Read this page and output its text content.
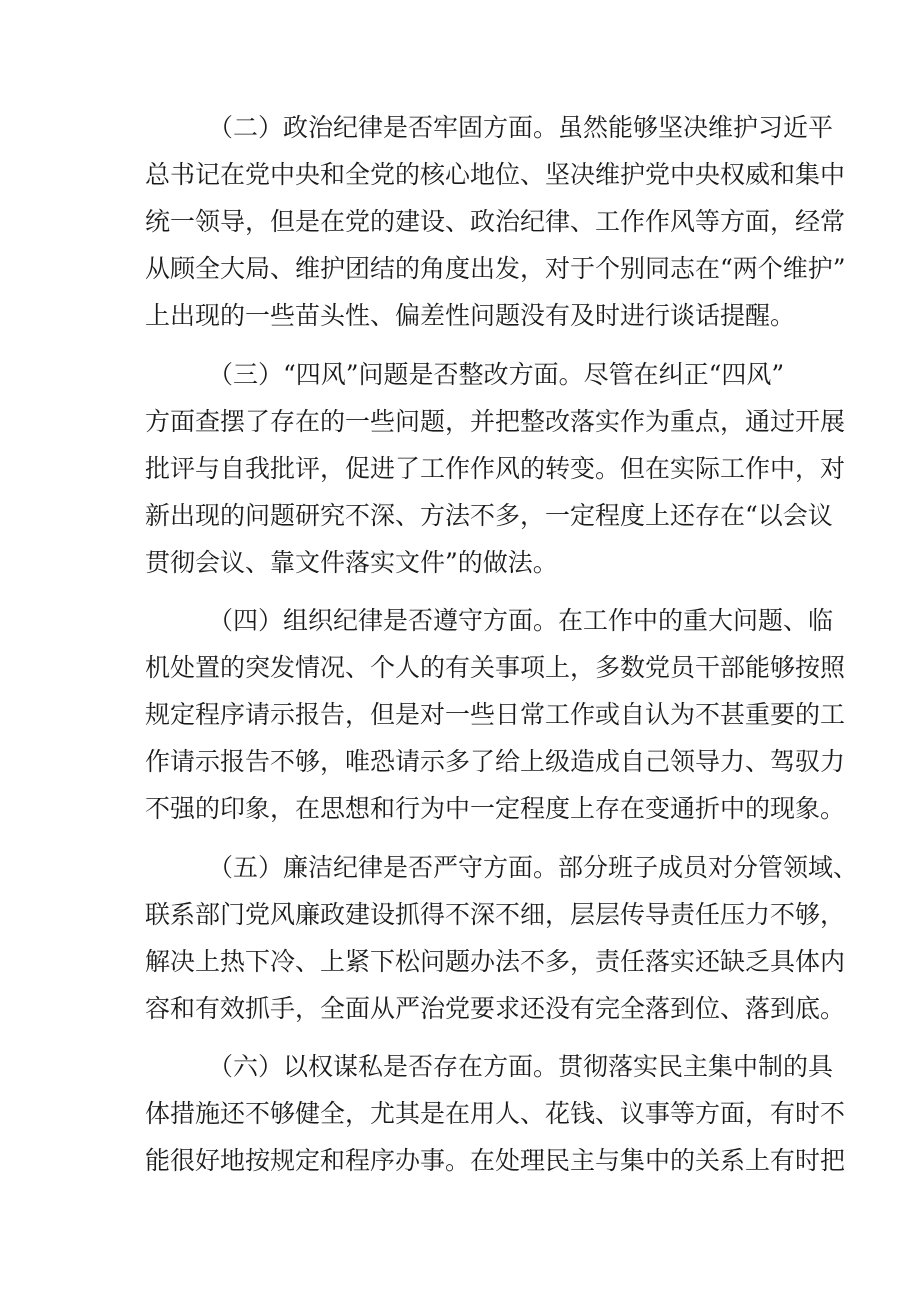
（二）政治纪律是否牢固方面。虽然能够坚决维护习近平
总书记在党中央和全党的核心地位、坚决维护党中央权威和集中
统一领导，但是在党的建设、政治纪律、工作作风等方面，经常
从顾全大局、维护团结的角度出发，对于个别同志在“两个维护”
上出现的一些苗头性、偏差性问题没有及时进行谈话提醒。
（三）“四风”问题是否整改方面。尽管在纠正“四风”
方面查摆了存在的一些问题，并把整改落实作为重点，通过开展
批评与自我批评，促进了工作作风的转变。但在实际工作中，对
新出现的问题研究不深、方法不多，一定程度上还存在“以会议
贯彻会议、靠文件落实文件”的做法。
（四）组织纪律是否遵守方面。在工作中的重大问题、临
机处置的突发情况、个人的有关事项上，多数党员干部能够按照
规定程序请示报告，但是对一些日常工作或自认为不甚重要的工
作请示报告不够，唯恐请示多了给上级造成自己领导力、驾驭力
不强的印象，在思想和行为中一定程度上存在变通折中的现象。
（五）廉洁纪律是否严守方面。部分班子成员对分管领域、
联系部门党风廉政建设抓得不深不细，层层传导责任压力不够，
解决上热下冷、上紧下松问题办法不多，责任落实还缺乏具体内
容和有效抓手，全面从严治党要求还没有完全落到位、落到底。
（六）以权谋私是否存在方面。贯彻落实民主集中制的具
体措施还不够健全，尤其是在用人、花钱、议事等方面，有时不
能很好地按规定和程序办事。在处理民主与集中的关系上有时把
